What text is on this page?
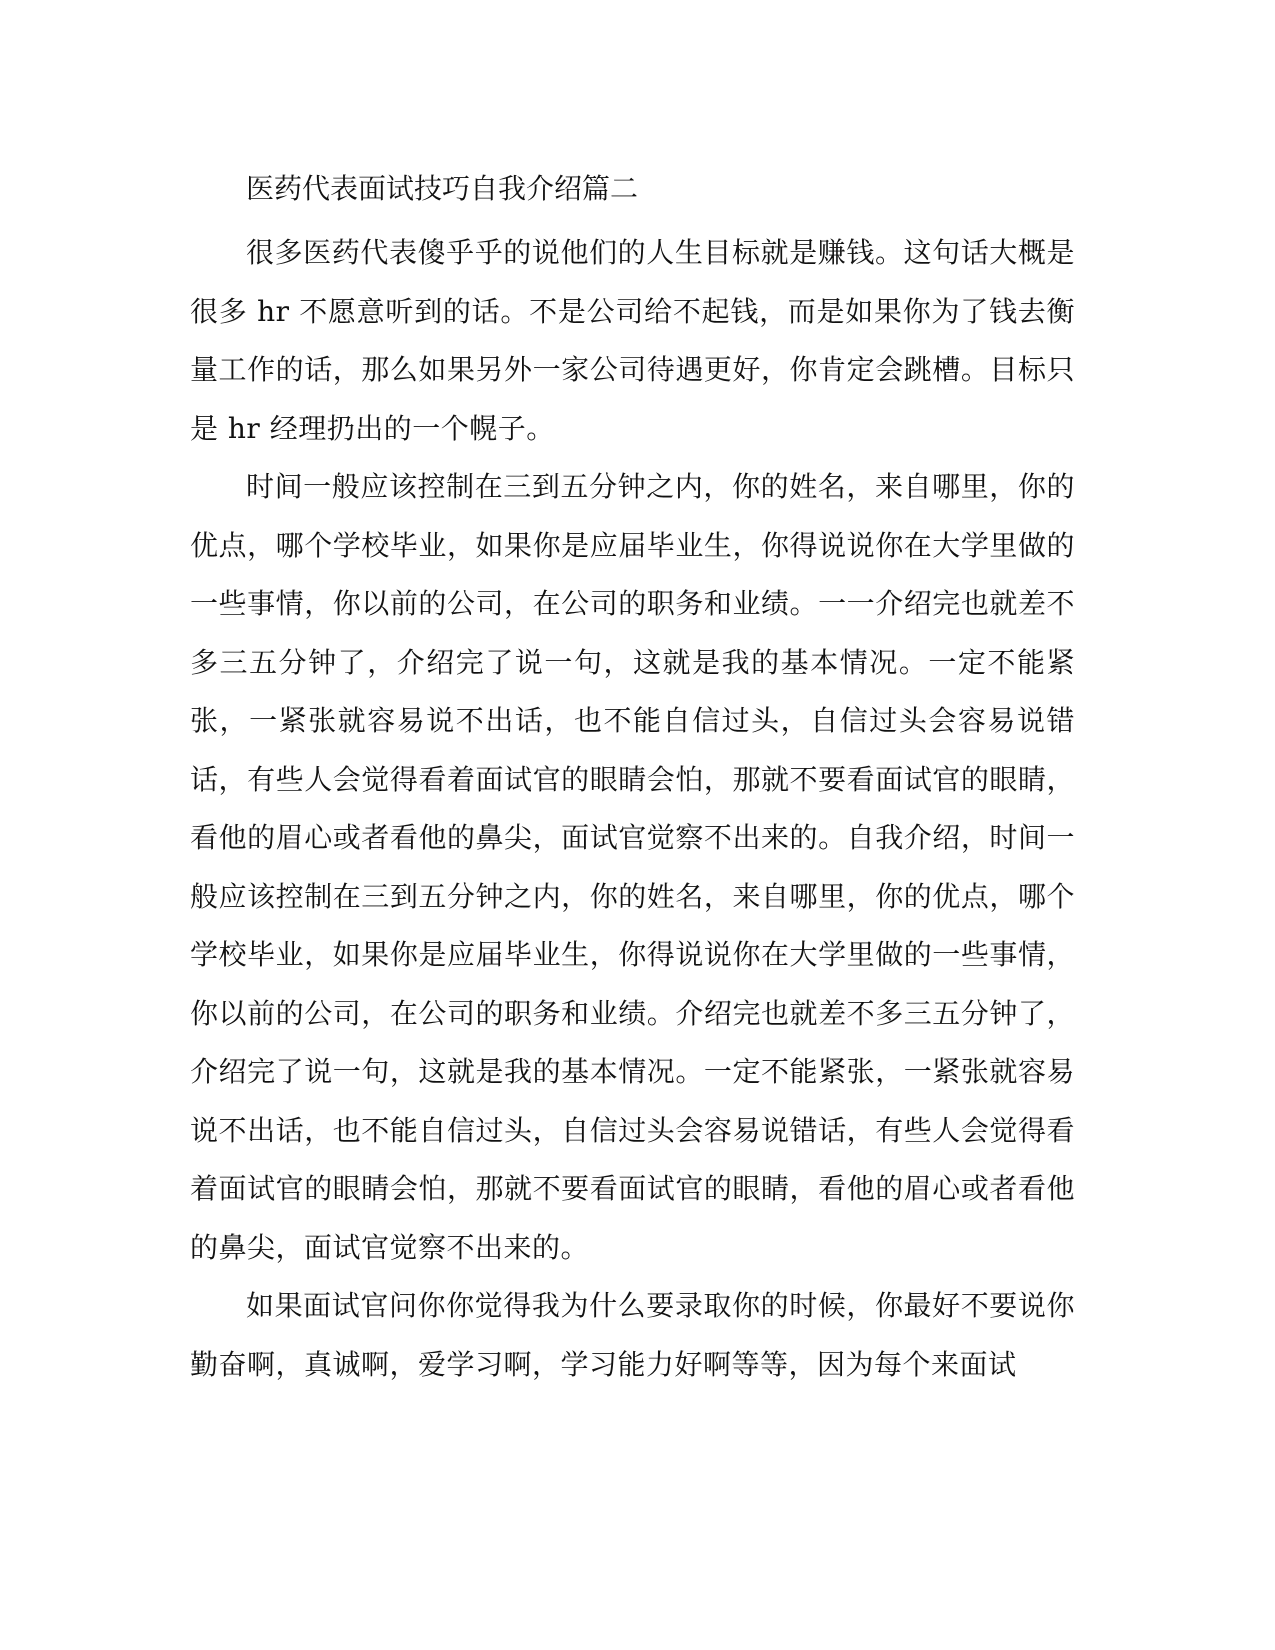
医药代表面试技巧自我介绍篇二

很多医药代表傻乎乎的说他们的人生目标就是赚钱。这句话大概是很多 hr 不愿意听到的话。不是公司给不起钱，而是如果你为了钱去衡量工作的话，那么如果另外一家公司待遇更好，你肯定会跳槽。目标只是 hr 经理扔出的一个幌子。

时间一般应该控制在三到五分钟之内，你的姓名，来自哪里，你的优点，哪个学校毕业，如果你是应届毕业生，你得说说你在大学里做的一些事情，你以前的公司，在公司的职务和业绩。一一介绍完也就差不多三五分钟了，介绍完了说一句，这就是我的基本情况。一定不能紧张，一紧张就容易说不出话，也不能自信过头，自信过头会容易说错话，有些人会觉得看着面试官的眼睛会怕，那就不要看面试官的眼睛，看他的眉心或者看他的鼻尖，面试官觉察不出来的。自我介绍，时间一般应该控制在三到五分钟之内，你的姓名，来自哪里，你的优点，哪个学校毕业，如果你是应届毕业生，你得说说你在大学里做的一些事情，你以前的公司，在公司的职务和业绩。介绍完也就差不多三五分钟了，介绍完了说一句，这就是我的基本情况。一定不能紧张，一紧张就容易说不出话，也不能自信过头，自信过头会容易说错话，有些人会觉得看着面试官的眼睛会怕，那就不要看面试官的眼睛，看他的眉心或者看他的鼻尖，面试官觉察不出来的。

如果面试官问你你觉得我为什么要录取你的时候，你最好不要说你勤奋啊，真诚啊，爱学习啊，学习能力好啊等等，因为每个来面试
